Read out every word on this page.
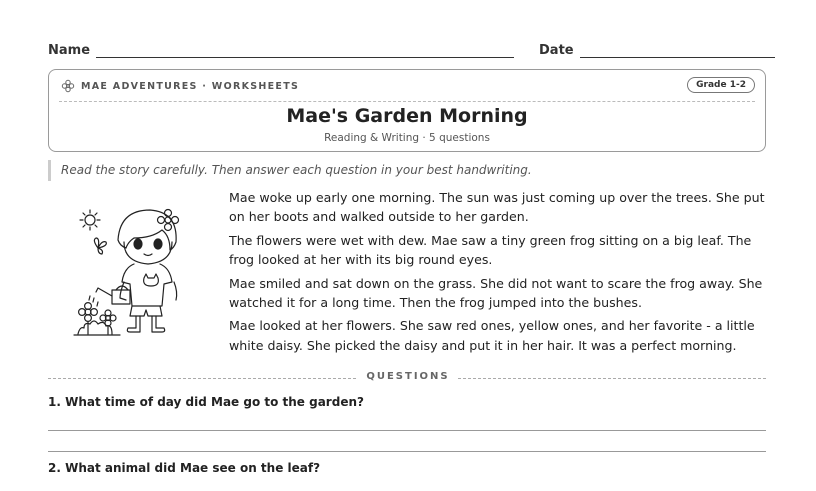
Name	Date
MAE ADVENTURES · WORKSHEETS	Grade 1-2
Mae's Garden Morning
Reading & Writing · 5 questions
Read the story carefully. Then answer each question in your best handwriting.

Mae woke up early one morning. The sun was just coming up over the trees. She put on her boots and walked outside to her garden.

The flowers were wet with dew. Mae saw a tiny green frog sitting on a big leaf. The frog looked at her with its big round eyes.

Mae smiled and sat down on the grass. She did not want to scare the frog away. She watched it for a long time. Then the frog jumped into the bushes.

Mae looked at her flowers. She saw red ones, yellow ones, and her favorite - a little white daisy. She picked the daisy and put it in her hair. It was a perfect morning.

QUESTIONS
1. What time of day did Mae go to the garden?
2. What animal did Mae see on the leaf?
